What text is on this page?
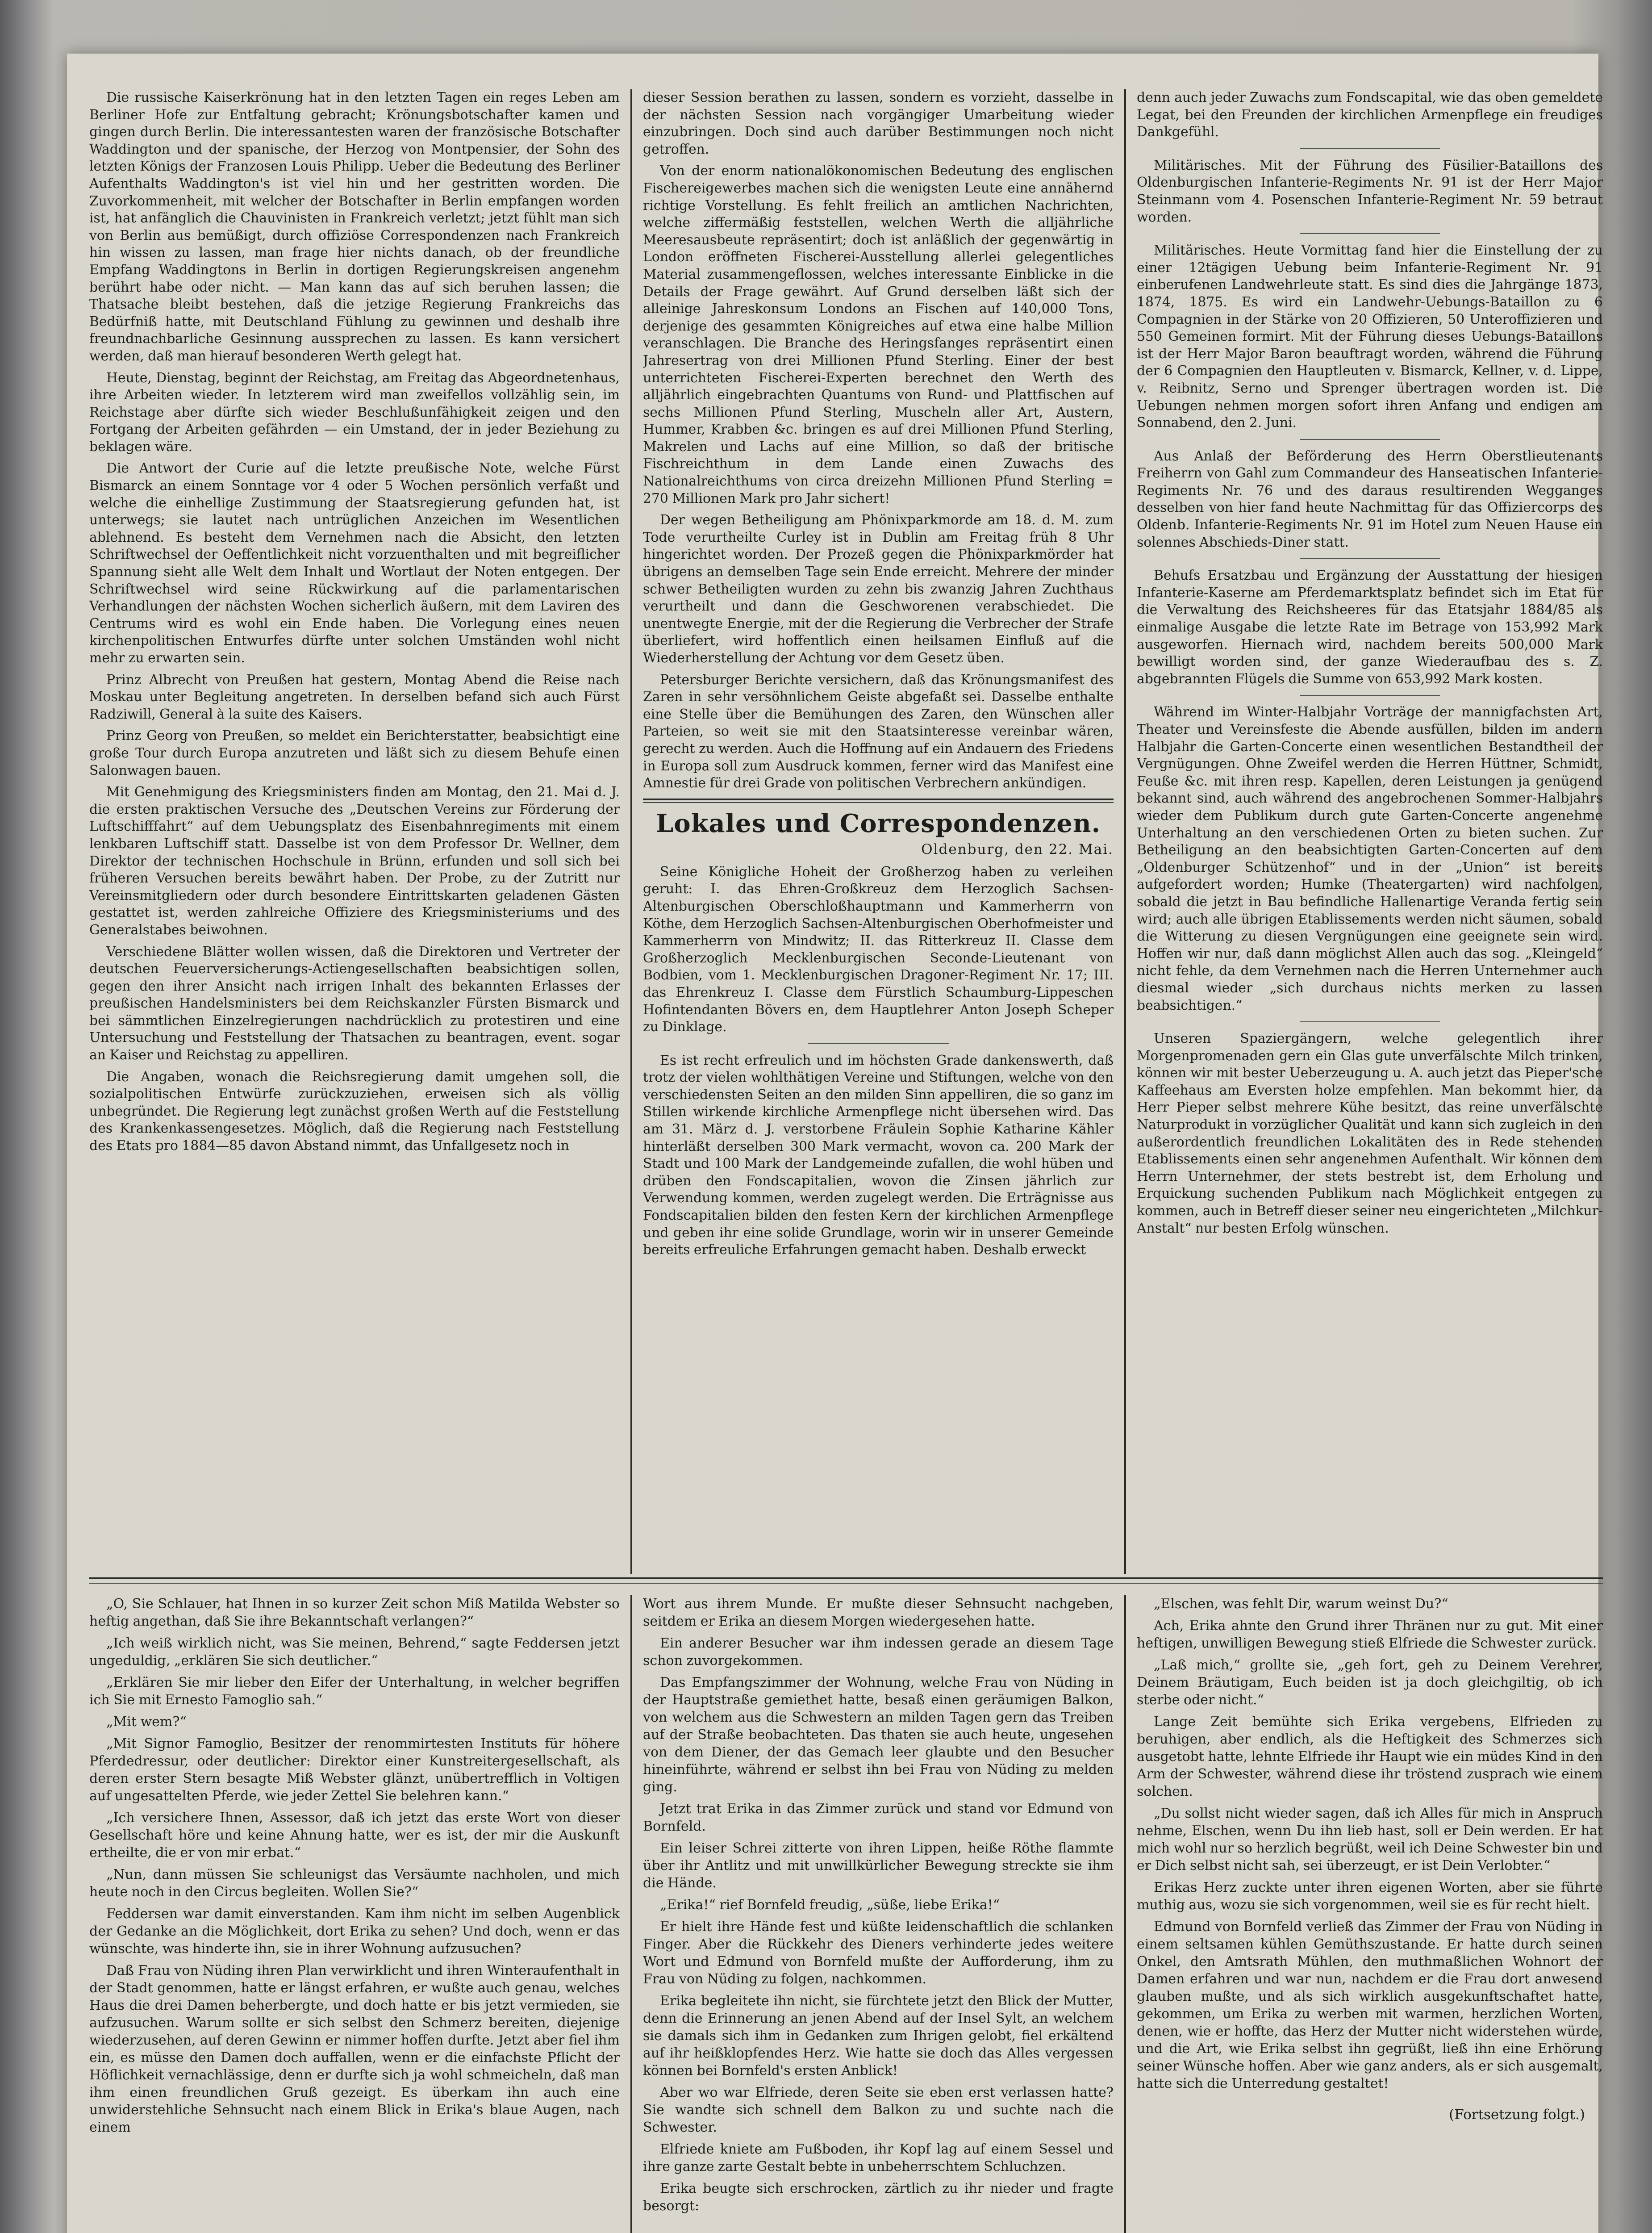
Die russische Kaiserkrönung hat in den letzten Tagen ein reges Leben am Berliner Hofe zur Entfaltung gebracht; Krönungsbotschafter kamen und gingen durch Berlin. Die interessantesten waren der französische Botschafter Waddington und der spanische, der Herzog von Montpensier, der Sohn des letzten Königs der Franzosen Louis Philipp. Ueber die Bedeutung des Berliner Aufenthalts Waddington's ist viel hin und her gestritten worden. Die Zuvorkommenheit, mit welcher der Botschafter in Berlin empfangen worden ist, hat anfänglich die Chauvinisten in Frankreich verletzt; jetzt fühlt man sich von Berlin aus bemüßigt, durch offiziöse Correspondenzen nach Frankreich hin wissen zu lassen, man frage hier nichts danach, ob der freundliche Empfang Waddingtons in Berlin in dortigen Regierungskreisen angenehm berührt habe oder nicht. — Man kann das auf sich beruhen lassen; die Thatsache bleibt bestehen, daß die jetzige Regierung Frankreichs das Bedürfniß hatte, mit Deutschland Fühlung zu gewinnen und deshalb ihre freundnachbarliche Gesinnung aussprechen zu lassen. Es kann versichert werden, daß man hierauf besonderen Werth gelegt hat.

Heute, Dienstag, beginnt der Reichstag, am Freitag das Abgeordnetenhaus, ihre Arbeiten wieder. In letzterem wird man zweifellos vollzählig sein, im Reichstage aber dürfte sich wieder Beschlußunfähigkeit zeigen und den Fortgang der Arbeiten gefährden — ein Umstand, der in jeder Beziehung zu beklagen wäre.

Die Antwort der Curie auf die letzte preußische Note, welche Fürst Bismarck an einem Sonntage vor 4 oder 5 Wochen persönlich verfaßt und welche die einhellige Zustimmung der Staatsregierung gefunden hat, ist unterwegs; sie lautet nach untrüglichen Anzeichen im Wesentlichen ablehnend. Es besteht dem Vernehmen nach die Absicht, den letzten Schriftwechsel der Oeffentlichkeit nicht vorzuenthalten und mit begreiflicher Spannung sieht alle Welt dem Inhalt und Wortlaut der Noten entgegen. Der Schriftwechsel wird seine Rückwirkung auf die parlamentarischen Verhandlungen der nächsten Wochen sicherlich äußern, mit dem Laviren des Centrums wird es wohl ein Ende haben. Die Vorlegung eines neuen kirchenpolitischen Entwurfes dürfte unter solchen Umständen wohl nicht mehr zu erwarten sein.

Prinz Albrecht von Preußen hat gestern, Montag Abend die Reise nach Moskau unter Begleitung angetreten. In derselben befand sich auch Fürst Radziwill, General à la suite des Kaisers.

Prinz Georg von Preußen, so meldet ein Berichterstatter, beabsichtigt eine große Tour durch Europa anzutreten und läßt sich zu diesem Behufe einen Salonwagen bauen.

Mit Genehmigung des Kriegsministers finden am Montag, den 21. Mai d. J. die ersten praktischen Versuche des „Deutschen Vereins zur Förderung der Luftschifffahrt“ auf dem Uebungsplatz des Eisenbahnregiments mit einem lenkbaren Luftschiff statt. Dasselbe ist von dem Professor Dr. Wellner, dem Direktor der technischen Hochschule in Brünn, erfunden und soll sich bei früheren Versuchen bereits bewährt haben. Der Probe, zu der Zutritt nur Vereinsmitgliedern oder durch besondere Eintrittskarten geladenen Gästen gestattet ist, werden zahlreiche Offiziere des Kriegsministeriums und des Generalstabes beiwohnen.

Verschiedene Blätter wollen wissen, daß die Direktoren und Vertreter der deutschen Feuerversicherungs-Actiengesellschaften beabsichtigen sollen, gegen den ihrer Ansicht nach irrigen Inhalt des bekannten Erlasses der preußischen Handelsministers bei dem Reichskanzler Fürsten Bismarck und bei sämmtlichen Einzelregierungen nachdrücklich zu protestiren und eine Untersuchung und Feststellung der Thatsachen zu beantragen, event. sogar an Kaiser und Reichstag zu appelliren.

Die Angaben, wonach die Reichsregierung damit umgehen soll, die sozialpolitischen Entwürfe zurückzuziehen, erweisen sich als völlig unbegründet. Die Regierung legt zunächst großen Werth auf die Feststellung des Krankenkassengesetzes. Möglich, daß die Regierung nach Feststellung des Etats pro 1884—85 davon Abstand nimmt, das Unfallgesetz noch in

dieser Session berathen zu lassen, sondern es vorzieht, dasselbe in der nächsten Session nach vorgängiger Umarbeitung wieder einzubringen. Doch sind auch darüber Bestimmungen noch nicht getroffen.

Von der enorm nationalökonomischen Bedeutung des englischen Fischereigewerbes machen sich die wenigsten Leute eine annähernd richtige Vorstellung. Es fehlt freilich an amtlichen Nachrichten, welche ziffermäßig feststellen, welchen Werth die alljährliche Meeresausbeute repräsentirt; doch ist anläßlich der gegenwärtig in London eröffneten Fischerei-Ausstellung allerlei gelegentliches Material zusammengeflossen, welches interessante Einblicke in die Details der Frage gewährt. Auf Grund derselben läßt sich der alleinige Jahreskonsum Londons an Fischen auf 140,000 Tons, derjenige des gesammten Königreiches auf etwa eine halbe Million veranschlagen. Die Branche des Heringsfanges repräsentirt einen Jahresertrag von drei Millionen Pfund Sterling. Einer der best unterrichteten Fischerei-Experten berechnet den Werth des alljährlich eingebrachten Quantums von Rund- und Plattfischen auf sechs Millionen Pfund Sterling, Muscheln aller Art, Austern, Hummer, Krabben &c. bringen es auf drei Millionen Pfund Sterling, Makrelen und Lachs auf eine Million, so daß der britische Fischreichthum in dem Lande einen Zuwachs des Nationalreichthums von circa dreizehn Millionen Pfund Sterling = 270 Millionen Mark pro Jahr sichert!

Der wegen Betheiligung am Phönixparkmorde am 18. d. M. zum Tode verurtheilte Curley ist in Dublin am Freitag früh 8 Uhr hingerichtet worden. Der Prozeß gegen die Phönixparkmörder hat übrigens an demselben Tage sein Ende erreicht. Mehrere der minder schwer Betheiligten wurden zu zehn bis zwanzig Jahren Zuchthaus verurtheilt und dann die Geschworenen verabschiedet. Die unentwegte Energie, mit der die Regierung die Verbrecher der Strafe überliefert, wird hoffentlich einen heilsamen Einfluß auf die Wiederherstellung der Achtung vor dem Gesetz üben.

Petersburger Berichte versichern, daß das Krönungsmanifest des Zaren in sehr versöhnlichem Geiste abgefaßt sei. Dasselbe enthalte eine Stelle über die Bemühungen des Zaren, den Wünschen aller Parteien, so weit sie mit den Staatsinteresse vereinbar wären, gerecht zu werden. Auch die Hoffnung auf ein Andauern des Friedens in Europa soll zum Ausdruck kommen, ferner wird das Manifest eine Amnestie für drei Grade von politischen Verbrechern ankündigen.

Lokales und Correspondenzen.
Oldenburg, den 22. Mai.

Seine Königliche Hoheit der Großherzog haben zu verleihen geruht: I. das Ehren-Großkreuz dem Herzoglich Sachsen-Altenburgischen Oberschloßhauptmann und Kammerherrn von Köthe, dem Herzoglich Sachsen-Altenburgischen Oberhofmeister und Kammerherrn von Mindwitz; II. das Ritterkreuz II. Classe dem Großherzoglich Mecklenburgischen Seconde-Lieutenant von Bodbien, vom 1. Mecklenburgischen Dragoner-Regiment Nr. 17; III. das Ehrenkreuz I. Classe dem Fürstlich Schaumburg-Lippeschen Hofintendanten Bövers en, dem Hauptlehrer Anton Joseph Scheper zu Dinklage.

Es ist recht erfreulich und im höchsten Grade dankenswerth, daß trotz der vielen wohlthätigen Vereine und Stiftungen, welche von den verschiedensten Seiten an den milden Sinn appelliren, die so ganz im Stillen wirkende kirchliche Armenpflege nicht übersehen wird. Das am 31. März d. J. verstorbene Fräulein Sophie Katharine Kähler hinterläßt derselben 300 Mark vermacht, wovon ca. 200 Mark der Stadt und 100 Mark der Landgemeinde zufallen, die wohl hüben und drüben den Fondscapitalien, wovon die Zinsen jährlich zur Verwendung kommen, werden zugelegt werden. Die Erträgnisse aus Fondscapitalien bilden den festen Kern der kirchlichen Armenpflege und geben ihr eine solide Grundlage, worin wir in unserer Gemeinde bereits erfreuliche Erfahrungen gemacht haben. Deshalb erweckt

denn auch jeder Zuwachs zum Fondscapital, wie das oben gemeldete Legat, bei den Freunden der kirchlichen Armenpflege ein freudiges Dankgefühl.

Militärisches. Mit der Führung des Füsilier-Bataillons des Oldenburgischen Infanterie-Regiments Nr. 91 ist der Herr Major Steinmann vom 4. Posenschen Infanterie-Regiment Nr. 59 betraut worden.

Militärisches. Heute Vormittag fand hier die Einstellung der zu einer 12tägigen Uebung beim Infanterie-Regiment Nr. 91 einberufenen Landwehrleute statt. Es sind dies die Jahrgänge 1873, 1874, 1875. Es wird ein Landwehr-Uebungs-Bataillon zu 6 Compagnien in der Stärke von 20 Offizieren, 50 Unteroffizieren und 550 Gemeinen formirt. Mit der Führung dieses Uebungs-Bataillons ist der Herr Major Baron beauftragt worden, während die Führung der 6 Compagnien den Hauptleuten v. Bismarck, Kellner, v. d. Lippe, v. Reibnitz, Serno und Sprenger übertragen worden ist. Die Uebungen nehmen morgen sofort ihren Anfang und endigen am Sonnabend, den 2. Juni.

Aus Anlaß der Beförderung des Herrn Oberstlieutenants Freiherrn von Gahl zum Commandeur des Hanseatischen Infanterie-Regiments Nr. 76 und des daraus resultirenden Wegganges desselben von hier fand heute Nachmittag für das Offiziercorps des Oldenb. Infanterie-Regiments Nr. 91 im Hotel zum Neuen Hause ein solennes Abschieds-Diner statt.

Behufs Ersatzbau und Ergänzung der Ausstattung der hiesigen Infanterie-Kaserne am Pferdemarktsplatz befindet sich im Etat für die Verwaltung des Reichsheeres für das Etatsjahr 1884/85 als einmalige Ausgabe die letzte Rate im Betrage von 153,992 Mark ausgeworfen. Hiernach wird, nachdem bereits 500,000 Mark bewilligt worden sind, der ganze Wiederaufbau des s. Z. abgebrannten Flügels die Summe von 653,992 Mark kosten.

Während im Winter-Halbjahr Vorträge der mannigfachsten Art, Theater und Vereinsfeste die Abende ausfüllen, bilden im andern Halbjahr die Garten-Concerte einen wesentlichen Bestandtheil der Vergnügungen. Ohne Zweifel werden die Herren Hüttner, Schmidt, Feuße &c. mit ihren resp. Kapellen, deren Leistungen ja genügend bekannt sind, auch während des angebrochenen Sommer-Halbjahrs wieder dem Publikum durch gute Garten-Concerte angenehme Unterhaltung an den verschiedenen Orten zu bieten suchen. Zur Betheiligung an den beabsichtigten Garten-Concerten auf dem „Oldenburger Schützenhof“ und in der „Union“ ist bereits aufgefordert worden; Humke (Theatergarten) wird nachfolgen, sobald die jetzt in Bau befindliche Hallenartige Veranda fertig sein wird; auch alle übrigen Etablissements werden nicht säumen, sobald die Witterung zu diesen Vergnügungen eine geeignete sein wird. Hoffen wir nur, daß dann möglichst Allen auch das sog. „Kleingeld“ nicht fehle, da dem Vernehmen nach die Herren Unternehmer auch diesmal wieder „sich durchaus nichts merken zu lassen beabsichtigen.“

Unseren Spaziergängern, welche gelegentlich ihrer Morgenpromenaden gern ein Glas gute unverfälschte Milch trinken, können wir mit bester Ueberzeugung u. A. auch jetzt das Pieper'sche Kaffeehaus am Eversten holze empfehlen. Man bekommt hier, da Herr Pieper selbst mehrere Kühe besitzt, das reine unverfälschte Naturprodukt in vorzüglicher Qualität und kann sich zugleich in den außerordentlich freundlichen Lokalitäten des in Rede stehenden Etablissements einen sehr angenehmen Aufenthalt. Wir können dem Herrn Unternehmer, der stets bestrebt ist, dem Erholung und Erquickung suchenden Publikum nach Möglichkeit entgegen zu kommen, auch in Betreff dieser seiner neu eingerichteten „Milchkur-Anstalt“ nur besten Erfolg wünschen.

„O, Sie Schlauer, hat Ihnen in so kurzer Zeit schon Miß Matilda Webster so heftig angethan, daß Sie ihre Bekanntschaft verlangen?“

„Ich weiß wirklich nicht, was Sie meinen, Behrend,“ sagte Feddersen jetzt ungeduldig, „erklären Sie sich deutlicher.“

„Erklären Sie mir lieber den Eifer der Unterhaltung, in welcher begriffen ich Sie mit Ernesto Famoglio sah.“

„Mit wem?“

„Mit Signor Famoglio, Besitzer der renommirtesten Instituts für höhere Pferdedressur, oder deutlicher: Direktor einer Kunstreitergesellschaft, als deren erster Stern besagte Miß Webster glänzt, unübertrefflich in Voltigen auf ungesattelten Pferde, wie jeder Zettel Sie belehren kann.“

„Ich versichere Ihnen, Assessor, daß ich jetzt das erste Wort von dieser Gesellschaft höre und keine Ahnung hatte, wer es ist, der mir die Auskunft ertheilte, die er von mir erbat.“

„Nun, dann müssen Sie schleunigst das Versäumte nachholen, und mich heute noch in den Circus begleiten. Wollen Sie?“

Feddersen war damit einverstanden. Kam ihm nicht im selben Augenblick der Gedanke an die Möglichkeit, dort Erika zu sehen? Und doch, wenn er das wünschte, was hinderte ihn, sie in ihrer Wohnung aufzusuchen?

Daß Frau von Nüding ihren Plan verwirklicht und ihren Winteraufenthalt in der Stadt genommen, hatte er längst erfahren, er wußte auch genau, welches Haus die drei Damen beherbergte, und doch hatte er bis jetzt vermieden, sie aufzusuchen. Warum sollte er sich selbst den Schmerz bereiten, diejenige wiederzusehen, auf deren Gewinn er nimmer hoffen durfte. Jetzt aber fiel ihm ein, es müsse den Damen doch auffallen, wenn er die einfachste Pflicht der Höflichkeit vernachlässige, denn er durfte sich ja wohl schmeicheln, daß man ihm einen freundlichen Gruß gezeigt. Es überkam ihn auch eine unwiderstehliche Sehnsucht nach einem Blick in Erika's blaue Augen, nach einem

Wort aus ihrem Munde. Er mußte dieser Sehnsucht nachgeben, seitdem er Erika an diesem Morgen wiedergesehen hatte.

Ein anderer Besucher war ihm indessen gerade an diesem Tage schon zuvorgekommen.

Das Empfangszimmer der Wohnung, welche Frau von Nüding in der Hauptstraße gemiethet hatte, besaß einen geräumigen Balkon, von welchem aus die Schwestern an milden Tagen gern das Treiben auf der Straße beobachteten. Das thaten sie auch heute, ungesehen von dem Diener, der das Gemach leer glaubte und den Besucher hineinführte, während er selbst ihn bei Frau von Nüding zu melden ging.

Jetzt trat Erika in das Zimmer zurück und stand vor Edmund von Bornfeld.

Ein leiser Schrei zitterte von ihren Lippen, heiße Röthe flammte über ihr Antlitz und mit unwillkürlicher Bewegung streckte sie ihm die Hände.

„Erika!“ rief Bornfeld freudig, „süße, liebe Erika!“

Er hielt ihre Hände fest und küßte leidenschaftlich die schlanken Finger. Aber die Rückkehr des Dieners verhinderte jedes weitere Wort und Edmund von Bornfeld mußte der Aufforderung, ihm zu Frau von Nüding zu folgen, nachkommen.

Erika begleitete ihn nicht, sie fürchtete jetzt den Blick der Mutter, denn die Erinnerung an jenen Abend auf der Insel Sylt, an welchem sie damals sich ihm in Gedanken zum Ihrigen gelobt, fiel erkältend auf ihr heißklopfendes Herz. Wie hatte sie doch das Alles vergessen können bei Bornfeld's ersten Anblick!

Aber wo war Elfriede, deren Seite sie eben erst verlassen hatte? Sie wandte sich schnell dem Balkon zu und suchte nach die Schwester.

Elfriede kniete am Fußboden, ihr Kopf lag auf einem Sessel und ihre ganze zarte Gestalt bebte in unbeherrschtem Schluchzen.

Erika beugte sich erschrocken, zärtlich zu ihr nieder und fragte besorgt:

„Elschen, was fehlt Dir, warum weinst Du?“

Ach, Erika ahnte den Grund ihrer Thränen nur zu gut. Mit einer heftigen, unwilligen Bewegung stieß Elfriede die Schwester zurück.

„Laß mich,“ grollte sie, „geh fort, geh zu Deinem Verehrer, Deinem Bräutigam, Euch beiden ist ja doch gleichgiltig, ob ich sterbe oder nicht.“

Lange Zeit bemühte sich Erika vergebens, Elfrieden zu beruhigen, aber endlich, als die Heftigkeit des Schmerzes sich ausgetobt hatte, lehnte Elfriede ihr Haupt wie ein müdes Kind in den Arm der Schwester, während diese ihr tröstend zusprach wie einem solchen.

„Du sollst nicht wieder sagen, daß ich Alles für mich in Anspruch nehme, Elschen, wenn Du ihn lieb hast, soll er Dein werden. Er hat mich wohl nur so herzlich begrüßt, weil ich Deine Schwester bin und er Dich selbst nicht sah, sei überzeugt, er ist Dein Verlobter.“

Erikas Herz zuckte unter ihren eigenen Worten, aber sie führte muthig aus, wozu sie sich vorgenommen, weil sie es für recht hielt.

Edmund von Bornfeld verließ das Zimmer der Frau von Nüding in einem seltsamen kühlen Gemüthszustande. Er hatte durch seinen Onkel, den Amtsrath Mühlen, den muthmaßlichen Wohnort der Damen erfahren und war nun, nachdem er die Frau dort anwesend glauben mußte, und als sich wirklich ausgekunftschaftet hatte, gekommen, um Erika zu werben mit warmen, herzlichen Worten, denen, wie er hoffte, das Herz der Mutter nicht widerstehen würde, und die Art, wie Erika selbst ihn gegrüßt, ließ ihn eine Erhörung seiner Wünsche hoffen. Aber wie ganz anders, als er sich ausgemalt, hatte sich die Unterredung gestaltet!

(Fortsetzung folgt.)
